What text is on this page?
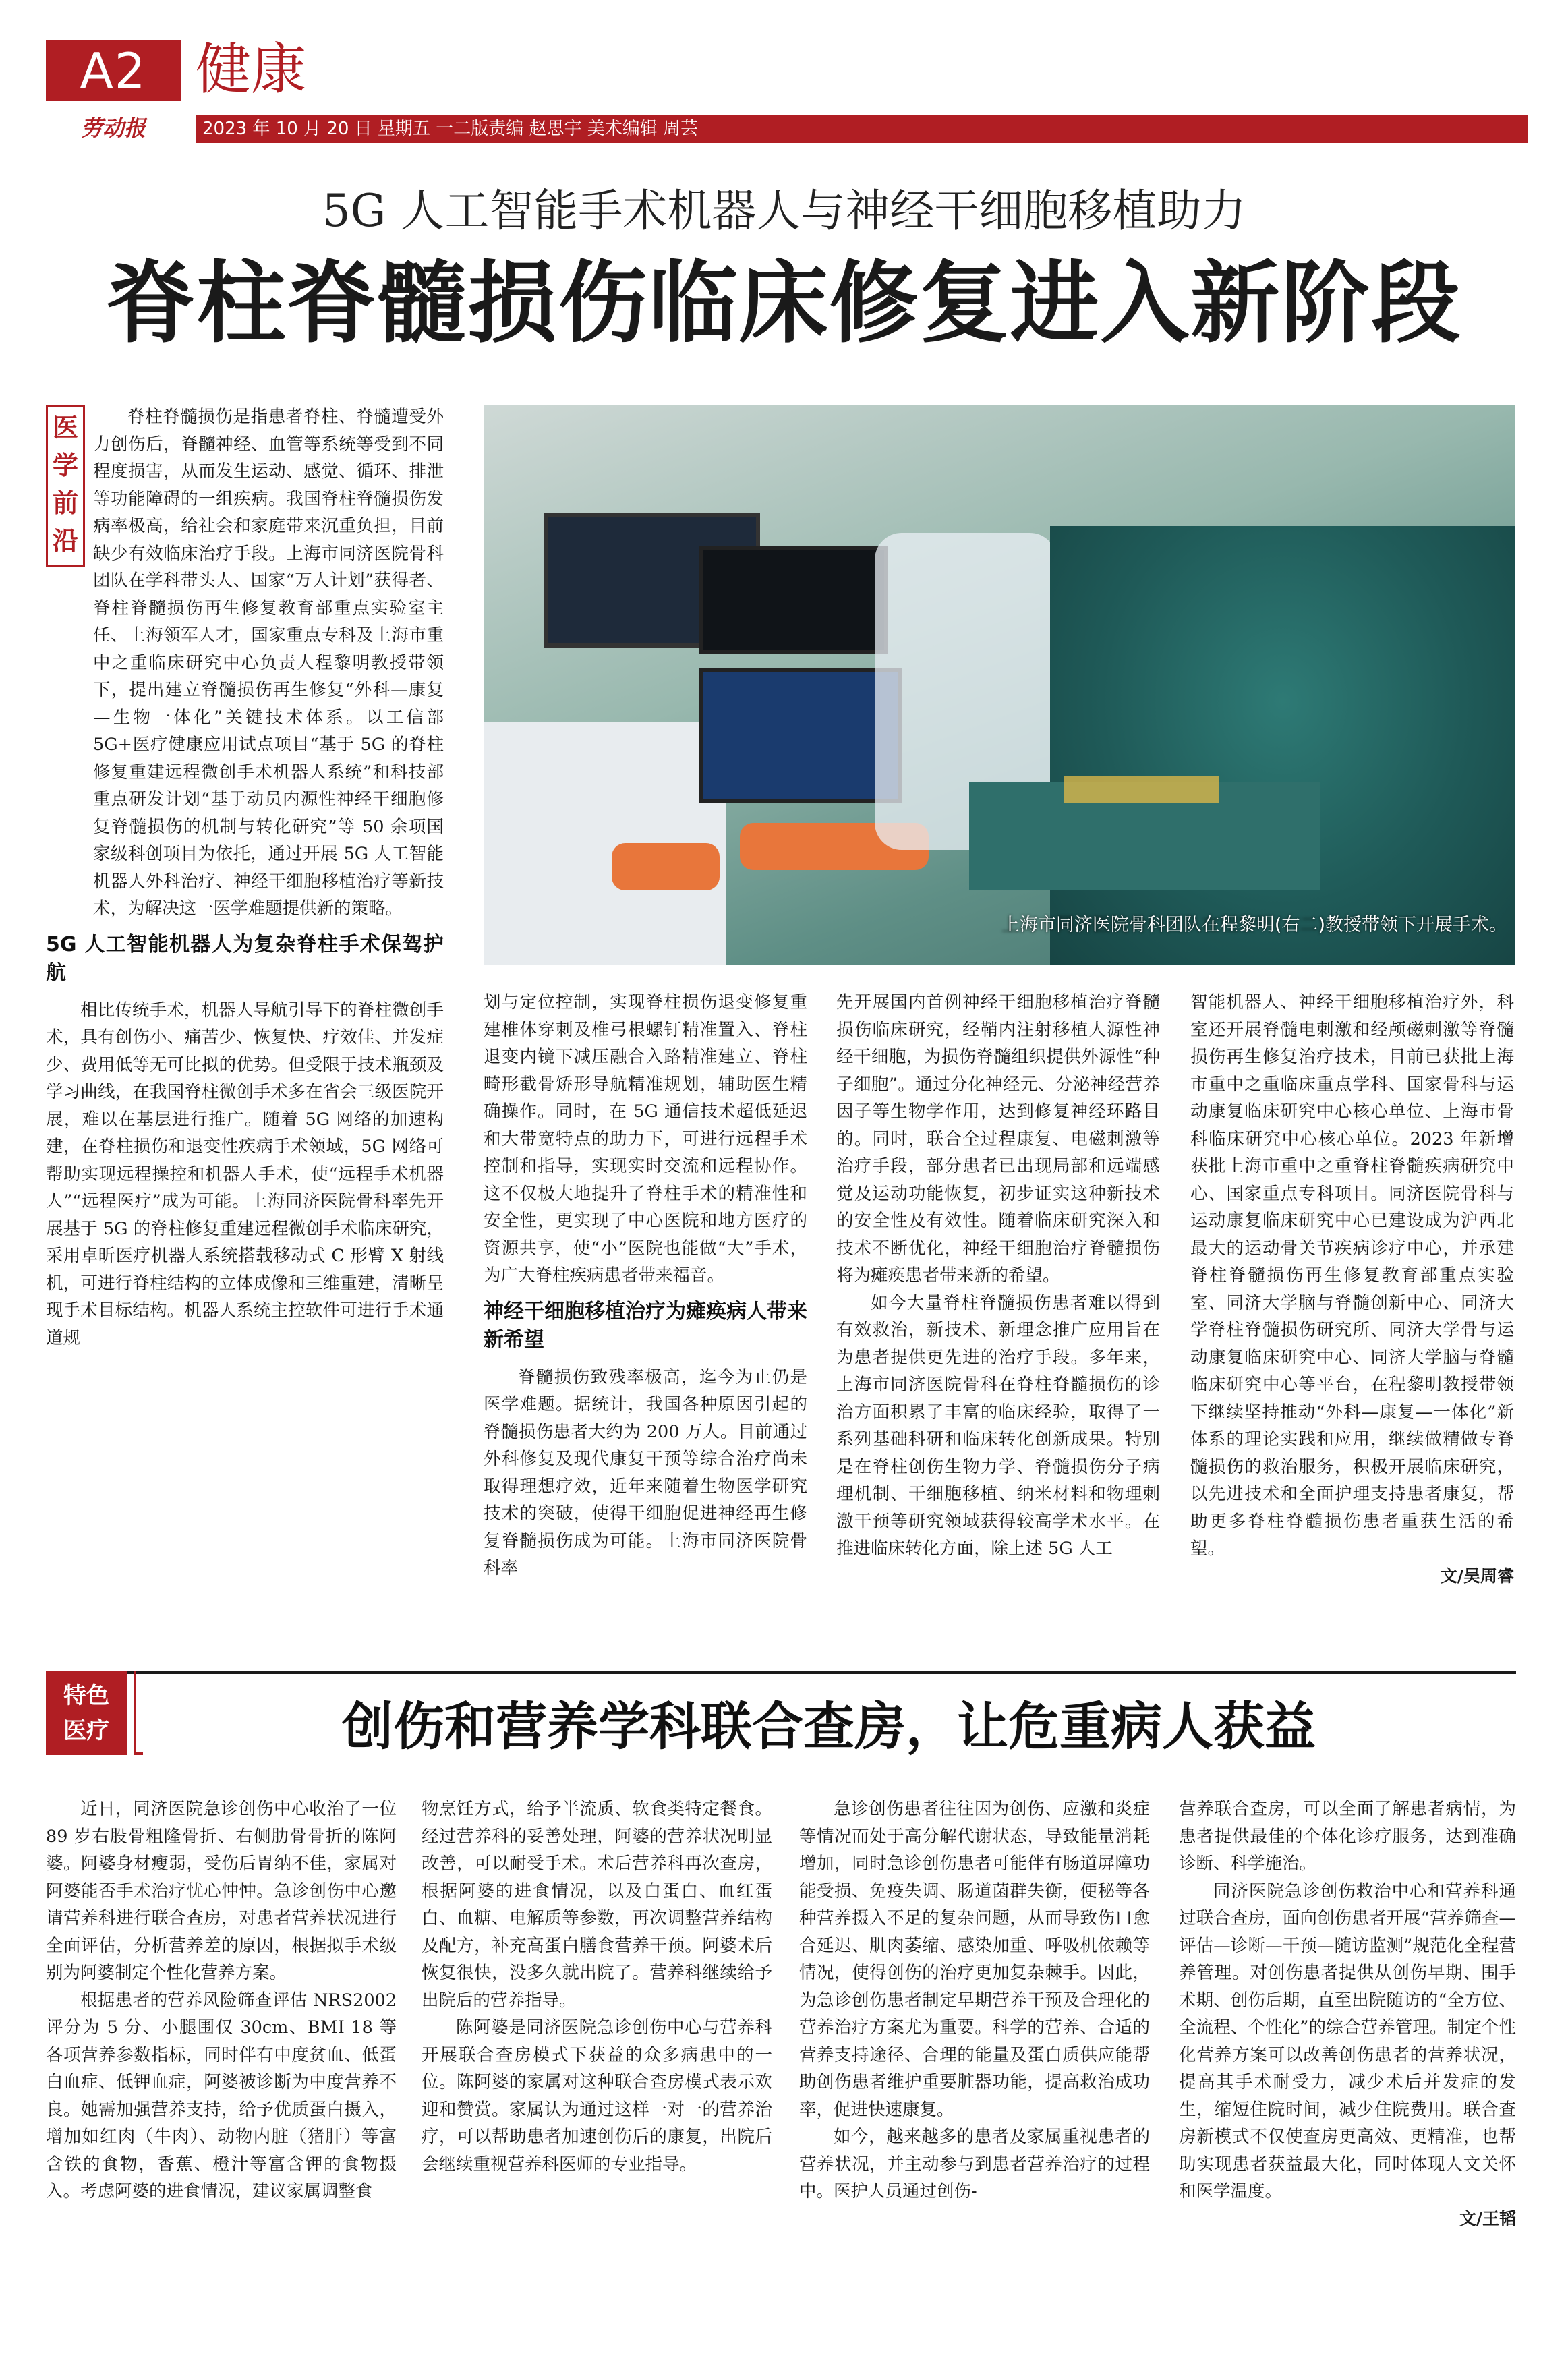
A2 健康
劳动报	2023 年 10 月 20 日 星期五 一二版责编 赵思宇 美术编辑 周芸
5G 人工智能手术机器人与神经干细胞移植助力
脊柱脊髓损伤临床修复进入新阶段
医
学
前
沿
上海市同济医院骨科团队在程黎明(右二)教授带领下开展手术。

脊柱脊髓损伤是指患者脊柱、脊髓遭受外力创伤后，脊髓神经、血管等系统等受到不同程度损害，从而发生运动、感觉、循环、排泄等功能障碍的一组疾病。我国脊柱脊髓损伤发病率极高，给社会和家庭带来沉重负担，目前缺少有效临床治疗手段。上海市同济医院骨科团队在学科带头人、国家“万人计划”获得者、脊柱脊髓损伤再生修复教育部重点实验室主任、上海领军人才，国家重点专科及上海市重中之重临床研究中心负责人程黎明教授带领下，提出建立脊髓损伤再生修复“外科—康复—生物一体化”关键技术体系。以工信部 5G+医疗健康应用试点项目“基于 5G 的脊柱修复重建远程微创手术机器人系统”和科技部重点研发计划“基于动员内源性神经干细胞修复脊髓损伤的机制与转化研究”等 50 余项国家级科创项目为依托，通过开展 5G 人工智能机器人外科治疗、神经干细胞移植治疗等新技术，为解决这一医学难题提供新的策略。

5G 人工智能机器人为复杂脊柱手术保驾护航

相比传统手术，机器人导航引导下的脊柱微创手术，具有创伤小、痛苦少、恢复快、疗效佳、并发症少、费用低等无可比拟的优势。但受限于技术瓶颈及学习曲线，在我国脊柱微创手术多在省会三级医院开展，难以在基层进行推广。随着 5G 网络的加速构建，在脊柱损伤和退变性疾病手术领域，5G 网络可帮助实现远程操控和机器人手术，使“远程手术机器人”“远程医疗”成为可能。上海同济医院骨科率先开展基于 5G 的脊柱修复重建远程微创手术临床研究，采用卓昕医疗机器人系统搭载移动式 C 形臂 X 射线机，可进行脊柱结构的立体成像和三维重建，清晰呈现手术目标结构。机器人系统主控软件可进行手术通道规

划与定位控制，实现脊柱损伤退变修复重建椎体穿刺及椎弓根螺钉精准置入、脊柱退变内镜下减压融合入路精准建立、脊柱畸形截骨矫形导航精准规划，辅助医生精确操作。同时，在 5G 通信技术超低延迟和大带宽特点的助力下，可进行远程手术控制和指导，实现实时交流和远程协作。这不仅极大地提升了脊柱手术的精准性和安全性，更实现了中心医院和地方医疗的资源共享，使“小”医院也能做“大”手术，为广大脊柱疾病患者带来福音。

神经干细胞移植治疗为瘫痪病人带来新希望

脊髓损伤致残率极高，迄今为止仍是医学难题。据统计，我国各种原因引起的脊髓损伤患者大约为 200 万人。目前通过外科修复及现代康复干预等综合治疗尚未取得理想疗效，近年来随着生物医学研究技术的突破，使得干细胞促进神经再生修复脊髓损伤成为可能。上海市同济医院骨科率

先开展国内首例神经干细胞移植治疗脊髓损伤临床研究，经鞘内注射移植人源性神经干细胞，为损伤脊髓组织提供外源性“种子细胞”。通过分化神经元、分泌神经营养因子等生物学作用，达到修复神经环路目的。同时，联合全过程康复、电磁刺激等治疗手段，部分患者已出现局部和远端感觉及运动功能恢复，初步证实这种新技术的安全性及有效性。随着临床研究深入和技术不断优化，神经干细胞治疗脊髓损伤将为瘫痪患者带来新的希望。

如今大量脊柱脊髓损伤患者难以得到有效救治，新技术、新理念推广应用旨在为患者提供更先进的治疗手段。多年来，上海市同济医院骨科在脊柱脊髓损伤的诊治方面积累了丰富的临床经验，取得了一系列基础科研和临床转化创新成果。特别是在脊柱创伤生物力学、脊髓损伤分子病理机制、干细胞移植、纳米材料和物理刺激干预等研究领域获得较高学术水平。在推进临床转化方面，除上述 5G 人工

智能机器人、神经干细胞移植治疗外，科室还开展脊髓电刺激和经颅磁刺激等脊髓损伤再生修复治疗技术，目前已获批上海市重中之重临床重点学科、国家骨科与运动康复临床研究中心核心单位、上海市骨科临床研究中心核心单位。2023 年新增获批上海市重中之重脊柱脊髓疾病研究中心、国家重点专科项目。同济医院骨科与运动康复临床研究中心已建设成为沪西北最大的运动骨关节疾病诊疗中心，并承建脊柱脊髓损伤再生修复教育部重点实验室、同济大学脑与脊髓创新中心、同济大学脊柱脊髓损伤研究所、同济大学骨与运动康复临床研究中心、同济大学脑与脊髓临床研究中心等平台，在程黎明教授带领下继续坚持推动“外科—康复—一体化”新体系的理论实践和应用，继续做精做专脊髓损伤的救治服务，积极开展临床研究，以先进技术和全面护理支持患者康复，帮助更多脊柱脊髓损伤患者重获生活的希望。

文/吴周睿

特色
医疗	创伤和营养学科联合查房，让危重病人获益

近日，同济医院急诊创伤中心收治了一位 89 岁右股骨粗隆骨折、右侧肋骨骨折的陈阿婆。阿婆身材瘦弱，受伤后胃纳不佳，家属对阿婆能否手术治疗忧心忡忡。急诊创伤中心邀请营养科进行联合查房，对患者营养状况进行全面评估，分析营养差的原因，根据拟手术级别为阿婆制定个性化营养方案。

根据患者的营养风险筛查评估 NRS2002 评分为 5 分、小腿围仅 30cm、BMI 18 等各项营养参数指标，同时伴有中度贫血、低蛋白血症、低钾血症，阿婆被诊断为中度营养不良。她需加强营养支持，给予优质蛋白摄入，增加如红肉（牛肉）、动物内脏（猪肝）等富含铁的食物，香蕉、橙汁等富含钾的食物摄入。考虑阿婆的进食情况，建议家属调整食

物烹饪方式，给予半流质、软食类特定餐食。经过营养科的妥善处理，阿婆的营养状况明显改善，可以耐受手术。术后营养科再次查房，根据阿婆的进食情况，以及白蛋白、血红蛋白、血糖、电解质等参数，再次调整营养结构及配方，补充高蛋白膳食营养干预。阿婆术后恢复很快，没多久就出院了。营养科继续给予出院后的营养指导。

陈阿婆是同济医院急诊创伤中心与营养科开展联合查房模式下获益的众多病患中的一位。陈阿婆的家属对这种联合查房模式表示欢迎和赞赏。家属认为通过这样一对一的营养治疗，可以帮助患者加速创伤后的康复，出院后会继续重视营养科医师的专业指导。

急诊创伤患者往往因为创伤、应激和炎症等情况而处于高分解代谢状态，导致能量消耗增加，同时急诊创伤患者可能伴有肠道屏障功能受损、免疫失调、肠道菌群失衡，便秘等各种营养摄入不足的复杂问题，从而导致伤口愈合延迟、肌肉萎缩、感染加重、呼吸机依赖等情况，使得创伤的治疗更加复杂棘手。因此，为急诊创伤患者制定早期营养干预及合理化的营养治疗方案尤为重要。科学的营养、合适的营养支持途径、合理的能量及蛋白质供应能帮助创伤患者维护重要脏器功能，提高救治成功率，促进快速康复。

如今，越来越多的患者及家属重视患者的营养状况，并主动参与到患者营养治疗的过程中。医护人员通过创伤-

营养联合查房，可以全面了解患者病情，为患者提供最佳的个体化诊疗服务，达到准确诊断、科学施治。

同济医院急诊创伤救治中心和营养科通过联合查房，面向创伤患者开展“营养筛查—评估—诊断—干预—随访监测”规范化全程营养管理。对创伤患者提供从创伤早期、围手术期、创伤后期，直至出院随访的“全方位、全流程、个性化”的综合营养管理。制定个性化营养方案可以改善创伤患者的营养状况，提高其手术耐受力，减少术后并发症的发生，缩短住院时间，减少住院费用。联合查房新模式不仅使查房更高效、更精准，也帮助实现患者获益最大化，同时体现人文关怀和医学温度。

文/王韬
